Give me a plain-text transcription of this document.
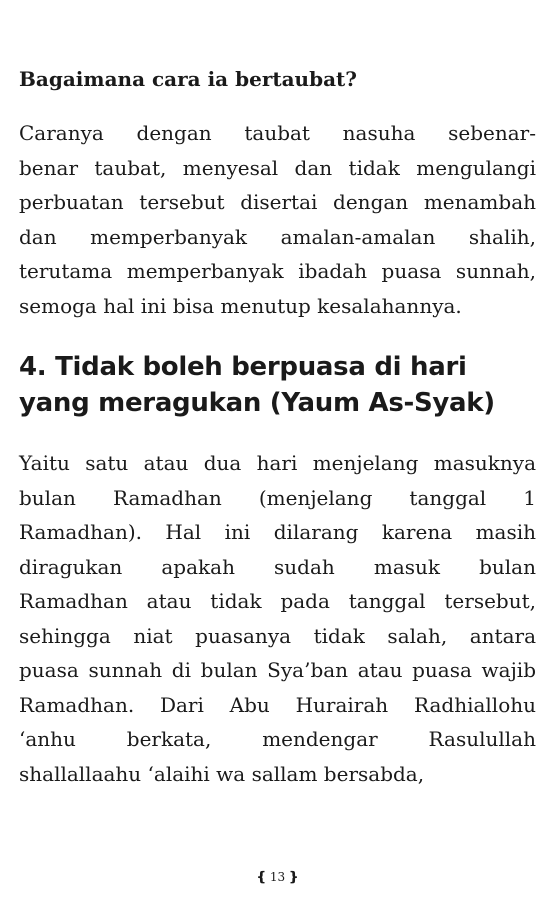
Bagaimana cara ia bertaubat?

Caranya dengan taubat nasuha sebenar-
benar taubat, menyesal dan tidak mengulangi
perbuatan tersebut disertai dengan menambah
dan memperbanyak amalan-amalan shalih,
terutama memperbanyak ibadah puasa sunnah,
semoga hal ini bisa menutup kesalahannya.

4. Tidak boleh berpuasa di hari
yang meragukan (Yaum As-Syak)

Yaitu satu atau dua hari menjelang masuknya
bulan Ramadhan (menjelang tanggal 1
Ramadhan). Hal ini dilarang karena masih
diragukan apakah sudah masuk bulan
Ramadhan atau tidak pada tanggal tersebut,
sehingga niat puasanya tidak salah, antara
puasa sunnah di bulan Sya’ban atau puasa wajib
Ramadhan. Dari Abu Hurairah Radhiallohu
‘anhu berkata, mendengar Rasulullah
shallallaahu ‘alaihi wa sallam bersabda,

❴ 13 ❵
